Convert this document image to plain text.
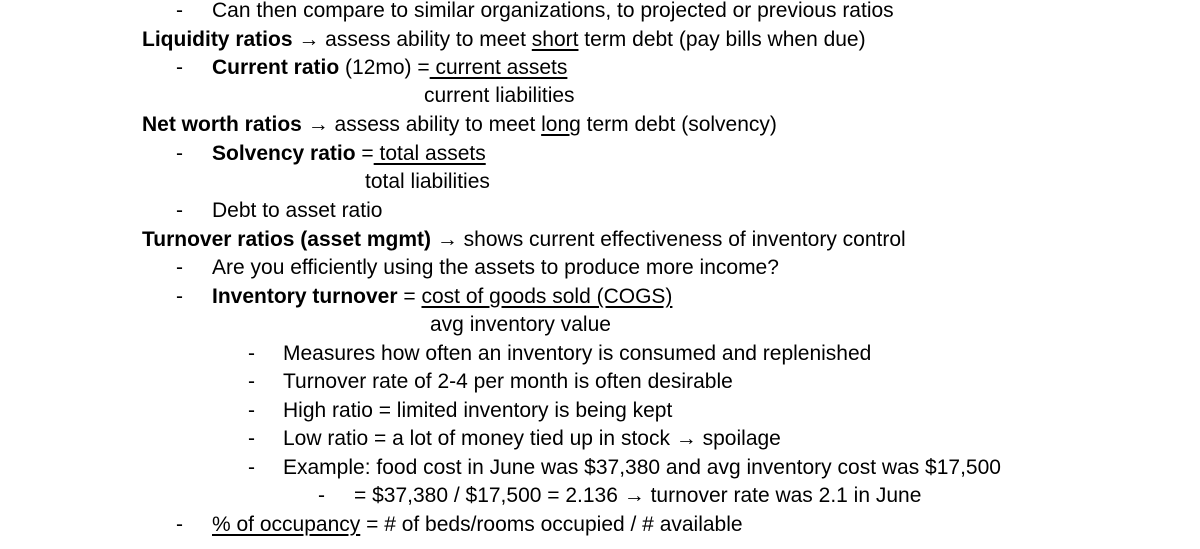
- Can then compare to similar organizations, to projected or previous ratios
Liquidity ratios → assess ability to meet short term debt (pay bills when due)
- Current ratio (12mo) = current assets
current liabilities
Net worth ratios → assess ability to meet long term debt (solvency)
- Solvency ratio = total assets
total liabilities
- Debt to asset ratio
Turnover ratios (asset mgmt) → shows current effectiveness of inventory control
- Are you efficiently using the assets to produce more income?
- Inventory turnover = cost of goods sold (COGS)
avg inventory value
- Measures how often an inventory is consumed and replenished
- Turnover rate of 2-4 per month is often desirable
- High ratio = limited inventory is being kept
- Low ratio = a lot of money tied up in stock → spoilage
- Example: food cost in June was $37,380 and avg inventory cost was $17,500
- = $37,380 / $17,500 = 2.136 → turnover rate was 2.1 in June
- % of occupancy = # of beds/rooms occupied / # available
